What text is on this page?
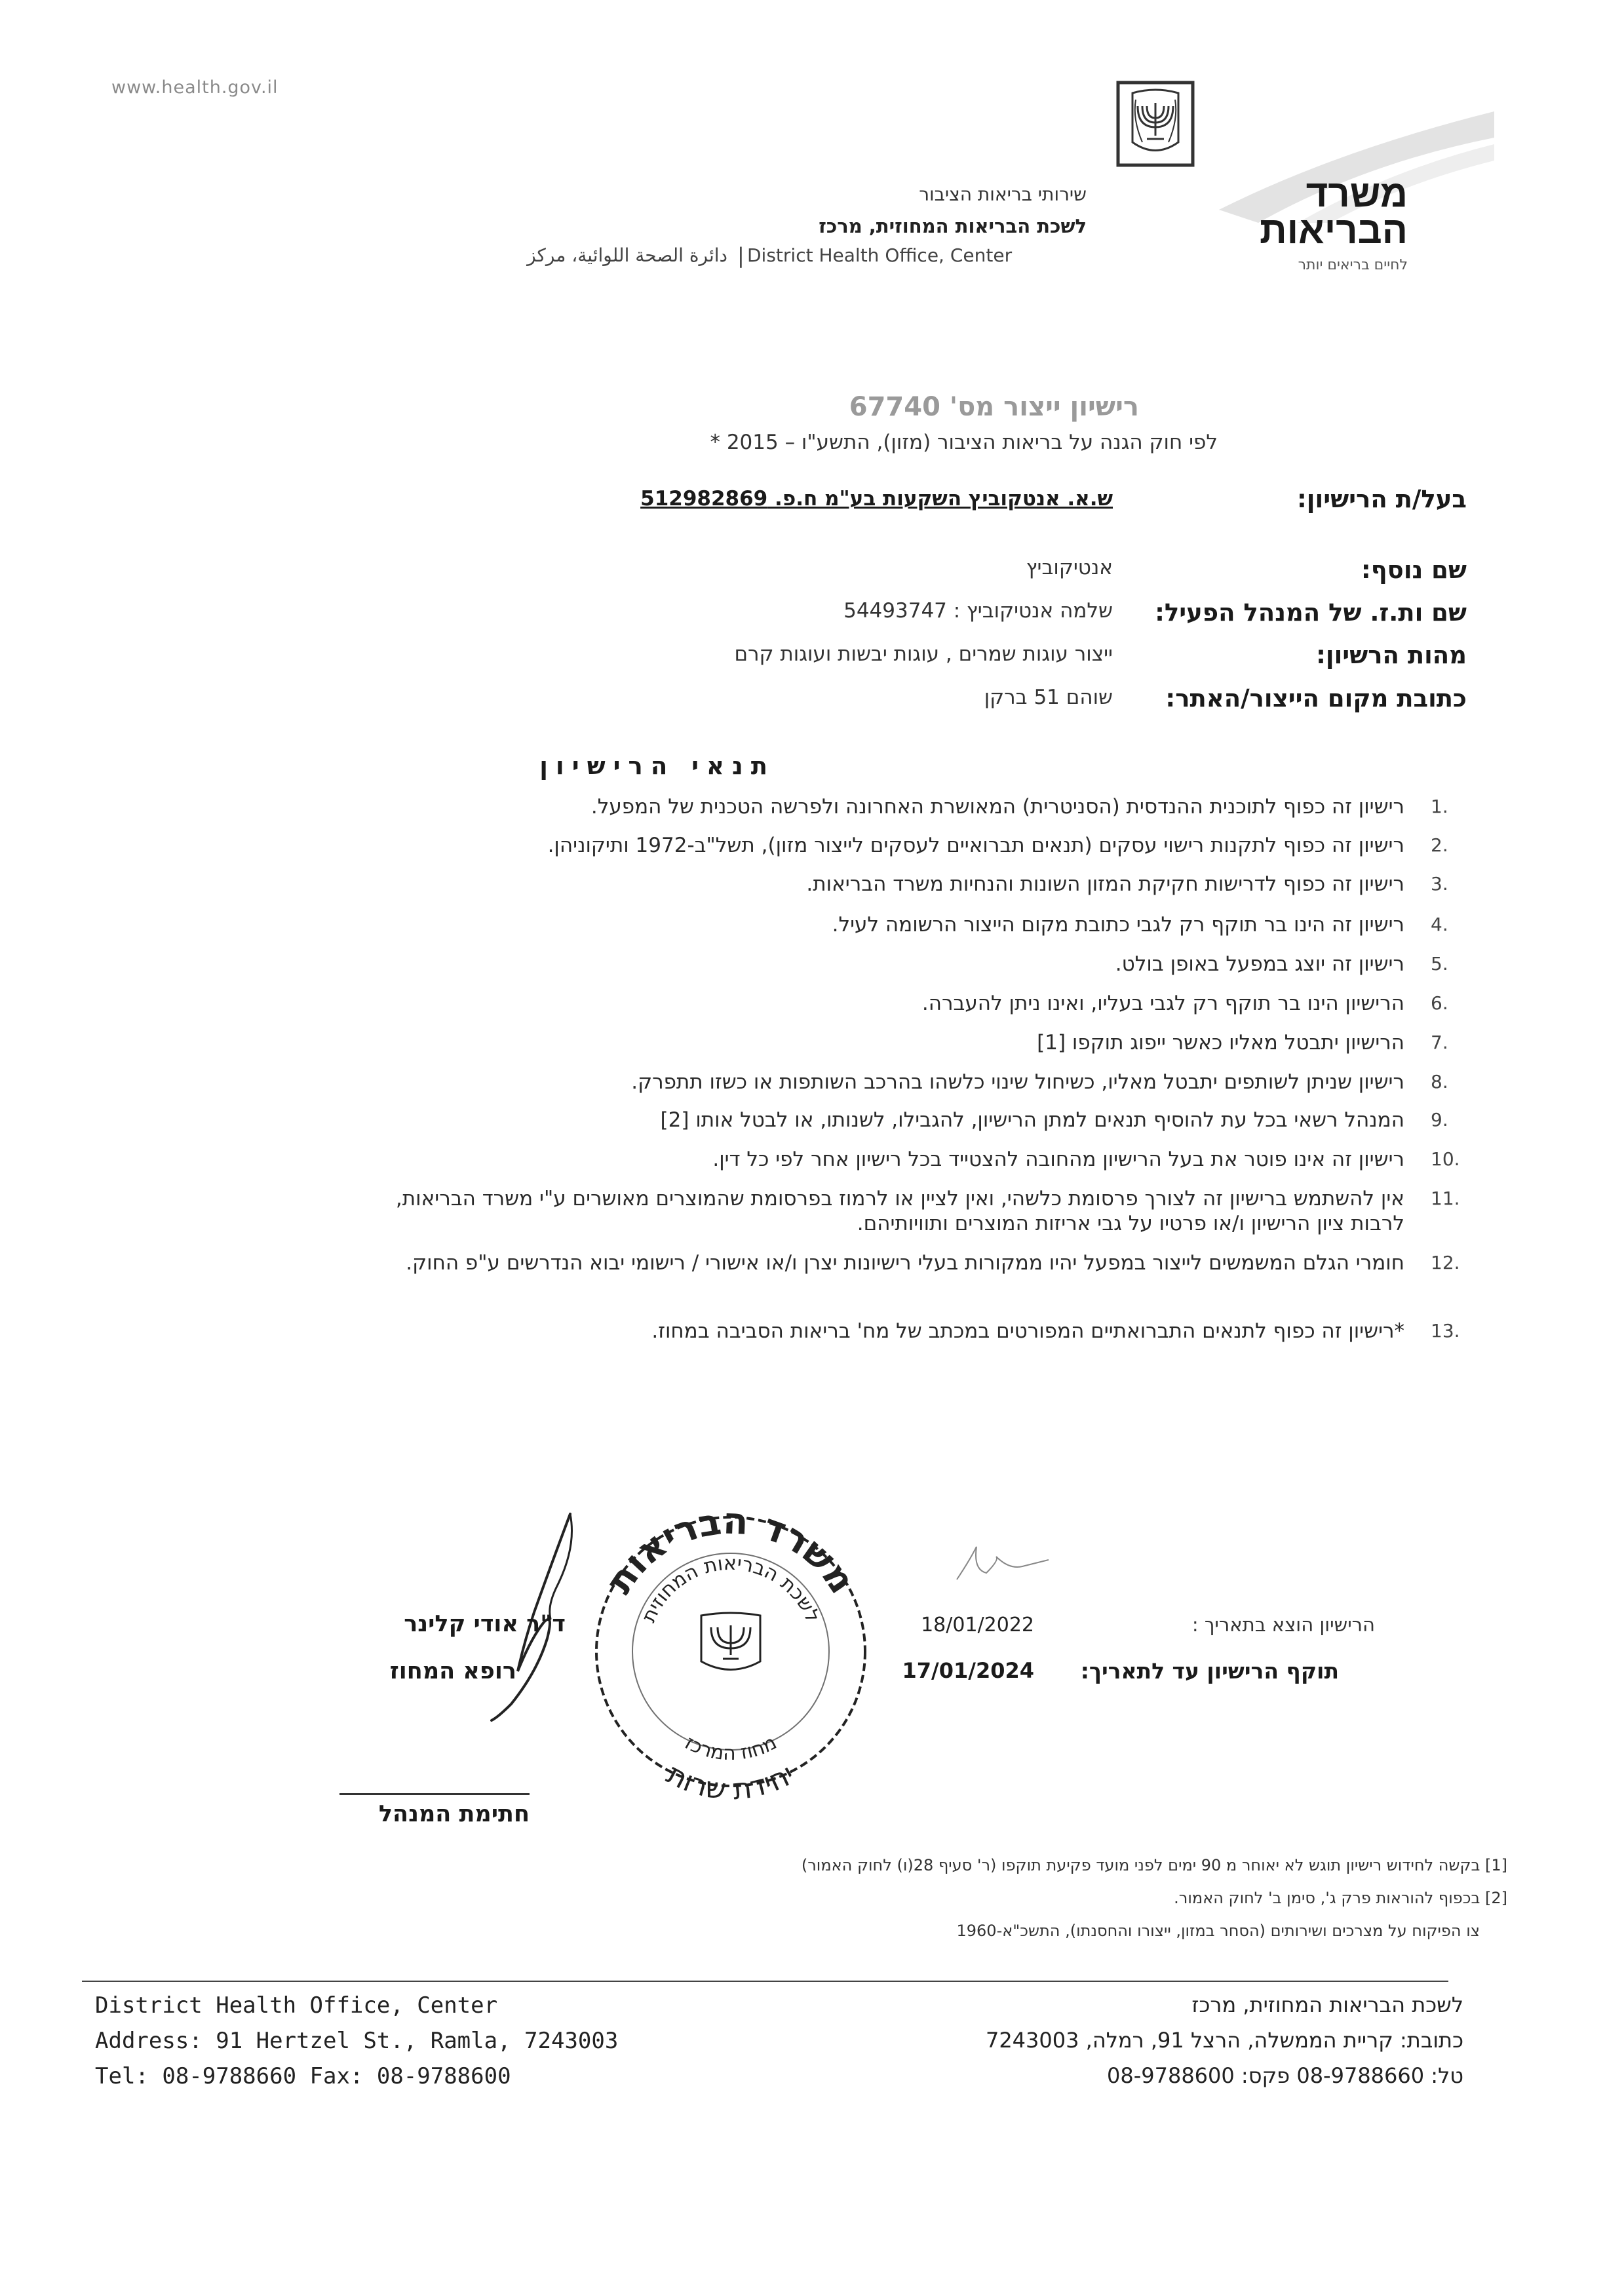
www.health.gov.il
משרד
הבריאות
לחיים בריאים יותר
שירותי בריאות הציבור
לשכת הבריאות המחוזית, מרכז
District Health Office, Center
|
دائرة الصحة اللوائية، مركز
רישיון ייצור מס' 67740
לפי חוק הגנה על בריאות הציבור (מזון), התשע"ו – 2015 *
בעל/ת הרישיון:
ש.א. אנטקוביץ השקעות בע"מ ח.פ. 512982869
שם נוסף:
אנטיקוביץ
שם ות.ז. של המנהל הפעיל:
שלמה אנטיקוביץ : 54493747
מהות הרשיון:
ייצור עוגות שמרים , עוגות יבשות ועוגות קרם
כתובת מקום הייצור/האתר:
שוהם 51 ברקן
תנאי הרישיון
1.
רישיון זה כפוף לתוכנית ההנדסית (הסניטרית) המאושרת האחרונה ולפרשה הטכנית של המפעל.
2.
רישיון זה כפוף לתקנות רישוי עסקים (תנאים תברואיים לעסקים לייצור מזון), תשל"ב-1972 ותיקוניהן.
3.
רישיון זה כפוף לדרישות חקיקת המזון השונות והנחיות משרד הבריאות.
4.
רישיון זה הינו בר תוקף רק לגבי כתובת מקום הייצור הרשומה לעיל.
5.
רישיון זה יוצג במפעל באופן בולט.
6.
הרישיון הינו בר תוקף רק לגבי בעליו, ואינו ניתן להעברה.
7.
הרישיון יתבטל מאליו כאשר ייפוג תוקפו [1]
8.
רישיון שניתן לשותפים יתבטל מאליו, כשיחול שינוי כלשהו בהרכב השותפות או כשזו תתפרק.
9.
המנהל רשאי בכל עת להוסיף תנאים למתן הרישיון, להגבילו, לשנותו, או לבטל אותו [2]
10.
רישיון זה אינו פוטר את בעל הרישיון מהחובה להצטייד בכל רישיון אחר לפי כל דין.
11.
אין להשתמש ברישיון זה לצורך פרסומת כלשהי, ואין לציין או לרמוז בפרסומת שהמוצרים מאושרים ע"י משרד הבריאות,
לרבות ציון הרישיון ו/או פרטיו על גבי אריזות המוצרים ותוויותיהם.
12.
חומרי הגלם המשמשים לייצור במפעל יהיו ממקורות בעלי רישיונות יצרן ו/או אישורי / רישומי יבוא הנדרשים ע"פ החוק.
13.
*רישיון זה כפוף לתנאים התברואתיים המפורטים במכתב של מח' בריאות הסביבה במחוז.
משרד הבריאות
לשכת הבריאות המחוזית
מחוז המרכז
יחידת שרות
ד"ר אודי קלינר
רופא המחוז
חתימת המנהל
הרישיון הוצא בתאריך :
18/01/2022
תוקף הרישיון עד לתאריך:
17/01/2024
[1] בקשה לחידוש רישיון תוגש לא יאוחר מ 90 ימים לפני מועד פקיעת תוקפו (ר' סעיף 28(ו) לחוק האמור)
[2] בכפוף להוראות פרק ג', סימן ב' לחוק האמור.
צו הפיקוח על מצרכים ושירותים (הסחר במזון, ייצורו והחסנתו), התשכ"א-1960
District Health Office, Center
Address: 91 Hertzel St., Ramla, 7243003
Tel: 08-9788660 Fax: 08-9788600
לשכת הבריאות המחוזית, מרכז
כתובת: קריית הממשלה, הרצל 91, רמלה, 7243003
טל: 08-9788660 פקס: 08-9788600
